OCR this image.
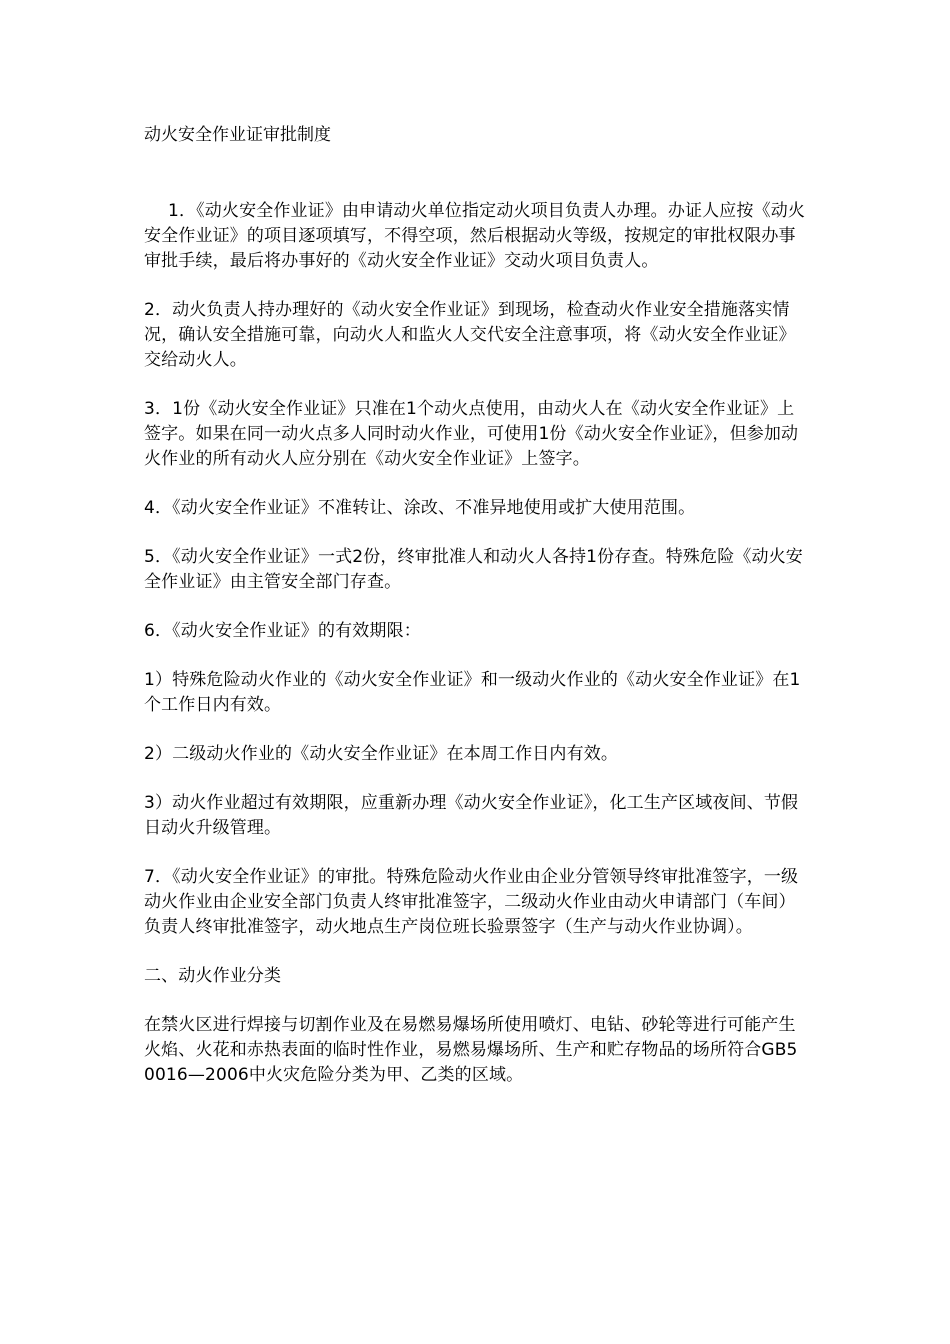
动火安全作业证审批制度

1．《动火安全作业证》由申请动火单位指定动火项目负责人办理。办证人应按《动火安全作业证》的项目逐项填写，不得空项，然后根据动火等级，按规定的审批权限办事审批手续，最后将办事好的《动火安全作业证》交动火项目负责人。

2．动火负责人持办理好的《动火安全作业证》到现场，检查动火作业安全措施落实情况，确认安全措施可靠，向动火人和监火人交代安全注意事项，将《动火安全作业证》交给动火人。

3．1份《动火安全作业证》只准在1个动火点使用，由动火人在《动火安全作业证》上签字。如果在同一动火点多人同时动火作业，可使用1份《动火安全作业证》，但参加动火作业的所有动火人应分别在《动火安全作业证》上签字。

4．《动火安全作业证》不准转让、涂改、不准异地使用或扩大使用范围。

5．《动火安全作业证》一式2份，终审批准人和动火人各持1份存查。特殊危险《动火安全作业证》由主管安全部门存查。

6．《动火安全作业证》的有效期限：

1）特殊危险动火作业的《动火安全作业证》和一级动火作业的《动火安全作业证》在1个工作日内有效。

2）二级动火作业的《动火安全作业证》在本周工作日内有效。

3）动火作业超过有效期限，应重新办理《动火安全作业证》，化工生产区域夜间、节假日动火升级管理。

7．《动火安全作业证》的审批。特殊危险动火作业由企业分管领导终审批准签字，一级动火作业由企业安全部门负责人终审批准签字，二级动火作业由动火申请部门（车间）负责人终审批准签字，动火地点生产岗位班长验票签字（生产与动火作业协调）。

二、动火作业分类

在禁火区进行焊接与切割作业及在易燃易爆场所使用喷灯、电钻、砂轮等进行可能产生火焰、火花和赤热表面的临时性作业，易燃易爆场所、生产和贮存物品的场所符合GB50016—2006中火灾危险分类为甲、乙类的区域。
